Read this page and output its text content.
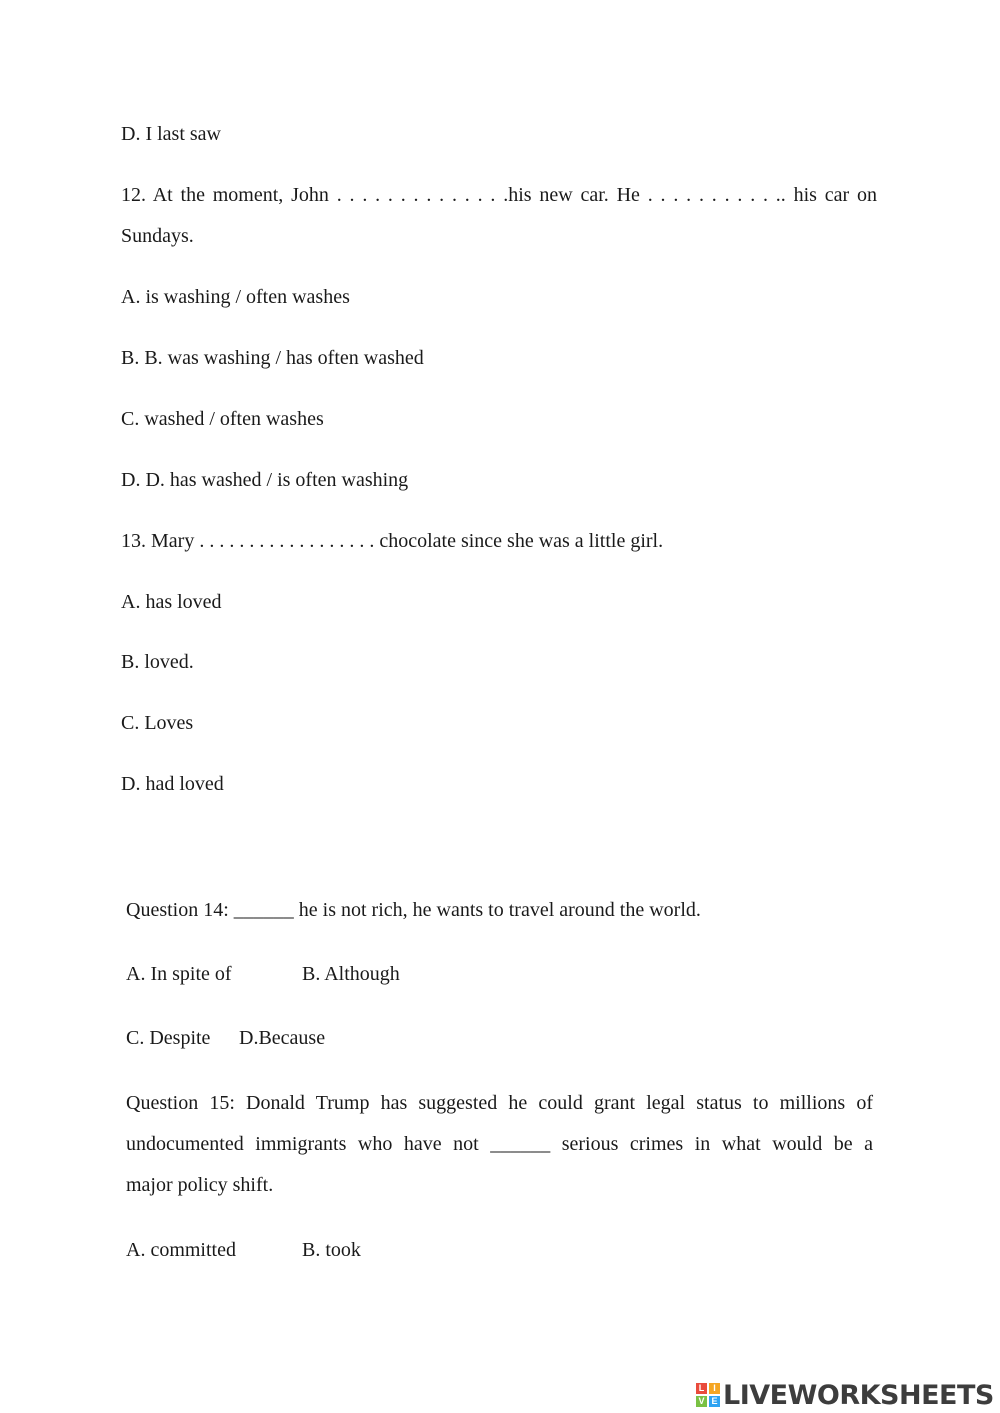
D. I last saw
12. At the moment, John . . . . . . . . . . . . . .his new car. He . . . . . . . . . . .. his car on
Sundays.
A. is washing / often washes
B. B. was washing / has often washed
C. washed / often washes
D. D. has washed / is often washing
13. Mary . . . . . . . . . . . . . . . . . . chocolate since she was a little girl.
A. has loved
B. loved.
C. Loves
D. had loved
Question 14: ______ he is not rich, he wants to travel around the world.
A. In spite of	B. Although
C. Despite D.Because
Question 15: Donald Trump has suggested he could grant legal status to millions of
undocumented immigrants who have not ______ serious crimes in what would be a
major policy shift.
A. committed	B. took
L I
V E LIVEWORKSHEETS
